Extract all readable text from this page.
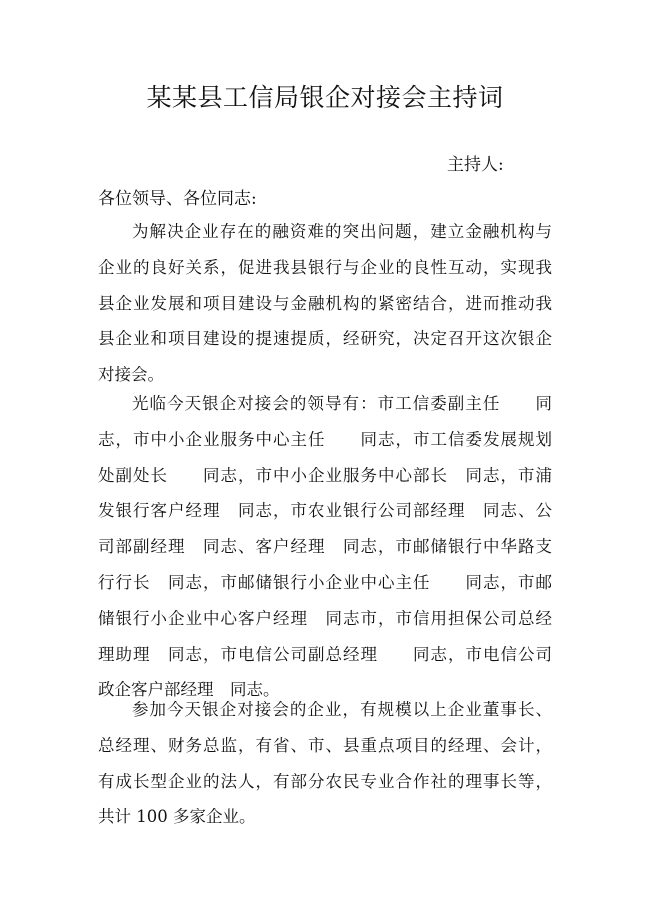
某某县工信局银企对接会主持词
主持人:
各位领导、各位同志:
为解决企业存在的融资难的突出问题，建立金融机构与
企业的良好关系，促进我县银行与企业的良性互动，实现我
县企业发展和项目建设与金融机构的紧密结合，进而推动我
县企业和项目建设的提速提质，经研究，决定召开这次银企
对接会。
光临今天银企对接会的领导有：市工信委副主任　　同
志，市中小企业服务中心主任　　同志，市工信委发展规划
处副处长　　同志，市中小企业服务中心部长　同志，市浦
发银行客户经理　同志，市农业银行公司部经理　同志、公
司部副经理　同志、客户经理　同志，市邮储银行中华路支
行行长　同志，市邮储银行小企业中心主任　　同志，市邮
储银行小企业中心客户经理　同志市，市信用担保公司总经
理助理　同志，市电信公司副总经理　　同志，市电信公司
政企客户部经理　同志。
参加今天银企对接会的企业，有规模以上企业董事长、
总经理、财务总监，有省、市、县重点项目的经理、会计，
有成长型企业的法人，有部分农民专业合作社的理事长等，
共计 100 多家企业。
